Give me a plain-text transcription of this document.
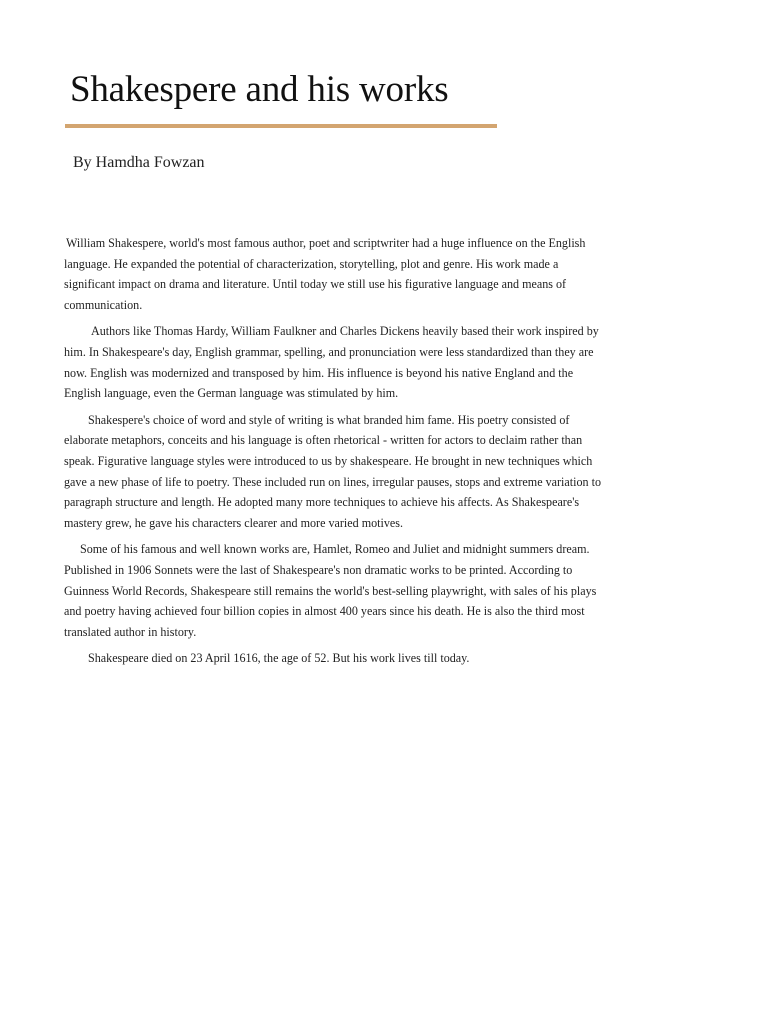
Shakespere and his works

By Hamdha Fowzan

William Shakespere, world's most famous author, poet and scriptwriter had a huge influence on the English language. He expanded the potential of characterization, storytelling, plot and genre. His work made a significant impact on drama and literature. Until today we still use his figurative language and means of communication.

Authors like Thomas Hardy, William Faulkner and Charles Dickens heavily based their work inspired by him. In Shakespeare's day, English grammar, spelling, and pronunciation were less standardized than they are now. English was modernized and transposed by him. His influence is beyond his native England and the English language, even the German language was stimulated by him.

Shakespere's choice of word and style of writing is what branded him fame. His poetry consisted of elaborate metaphors, conceits and his language is often rhetorical - written for actors to declaim rather than speak. Figurative language styles were introduced to us by shakespeare. He brought in new techniques which gave a new phase of life to poetry. These included run on lines, irregular pauses, stops and extreme variation to paragraph structure and length. He adopted many more techniques to achieve his affects. As Shakespeare's mastery grew, he gave his characters clearer and more varied motives.

Some of his famous and well known works are, Hamlet, Romeo and Juliet and midnight summers dream. Published in 1906 Sonnets were the last of Shakespeare's non dramatic works to be printed. According to Guinness World Records, Shakespeare still remains the world's best-selling playwright, with sales of his plays and poetry having achieved four billion copies in almost 400 years since his death. He is also the third most translated author in history.

Shakespeare died on 23 April 1616, the age of 52. But his work lives till today.
